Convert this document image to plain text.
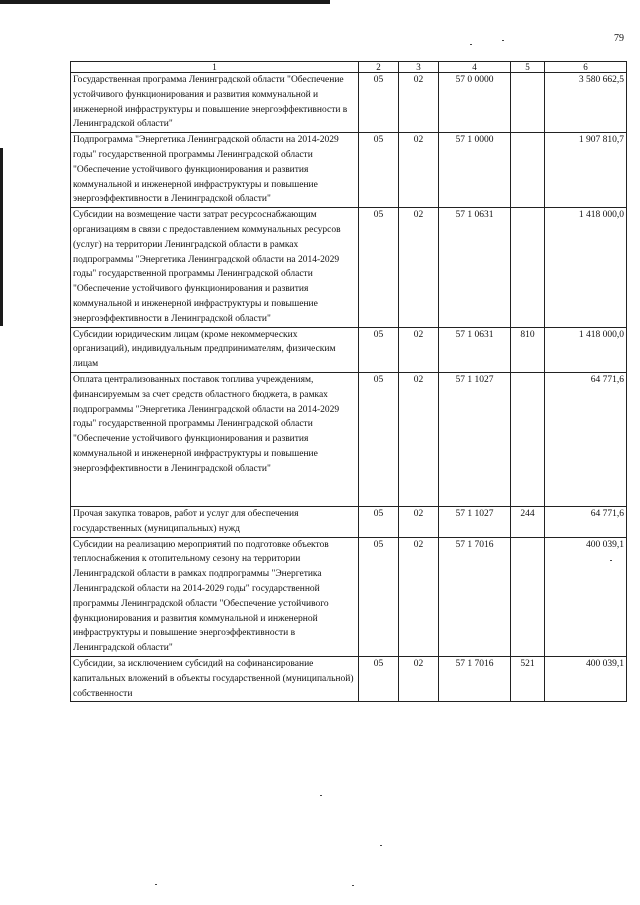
79
1	2	3	4	5	6
Государственная программа Ленинградской области "Обеспечение устойчивого функционирования и развития коммунальной и инженерной инфраструктуры и повышение энергоэффективности в Ленинградской области"	05	02	57 0 0000		3 580 662,5
Подпрограмма "Энергетика Ленинградской области на 2014-2029 годы" государственной программы Ленинградской области "Обеспечение устойчивого функционирования и развития коммунальной и инженерной инфраструктуры и повышение энергоэффективности в Ленинградской области"	05	02	57 1 0000		1 907 810,7
Субсидии на возмещение части затрат ресурсоснабжающим организациям в связи с предоставлением коммунальных ресурсов (услуг) на территории Ленинградской области в рамках подпрограммы "Энергетика Ленинградской области на 2014-2029 годы" государственной программы Ленинградской области "Обеспечение устойчивого функционирования и развития коммунальной и инженерной инфраструктуры и повышение энергоэффективности в Ленинградской области"	05	02	57 1 0631		1 418 000,0
Субсидии юридическим лицам (кроме некоммерческих организаций), индивидуальным предпринимателям, физическим лицам	05	02	57 1 0631	810	1 418 000,0
Оплата централизованных поставок топлива учреждениям, финансируемым за счет средств областного бюджета, в рамках подпрограммы "Энергетика Ленинградской области на 2014-2029 годы" государственной программы Ленинградской области "Обеспечение устойчивого функционирования и развития коммунальной и инженерной инфраструктуры и повышение энергоэффективности в Ленинградской области"	05	02	57 1 1027		64 771,6
Прочая закупка товаров, работ и услуг для обеспечения государственных (муниципальных) нужд	05	02	57 1 1027	244	64 771,6
Субсидии на реализацию мероприятий по подготовке объектов теплоснабжения к отопительному сезону на территории Ленинградской области в рамках подпрограммы "Энергетика Ленинградской области на 2014-2029 годы" государственной программы Ленинградской области "Обеспечение устойчивого функционирования и развития коммунальной и инженерной инфраструктуры и повышение энергоэффективности в Ленинградской области"	05	02	57 1 7016		400 039,1
Субсидии, за исключением субсидий на софинансирование капитальных вложений в объекты государственной (муниципальной) собственности	05	02	57 1 7016	521	400 039,1
